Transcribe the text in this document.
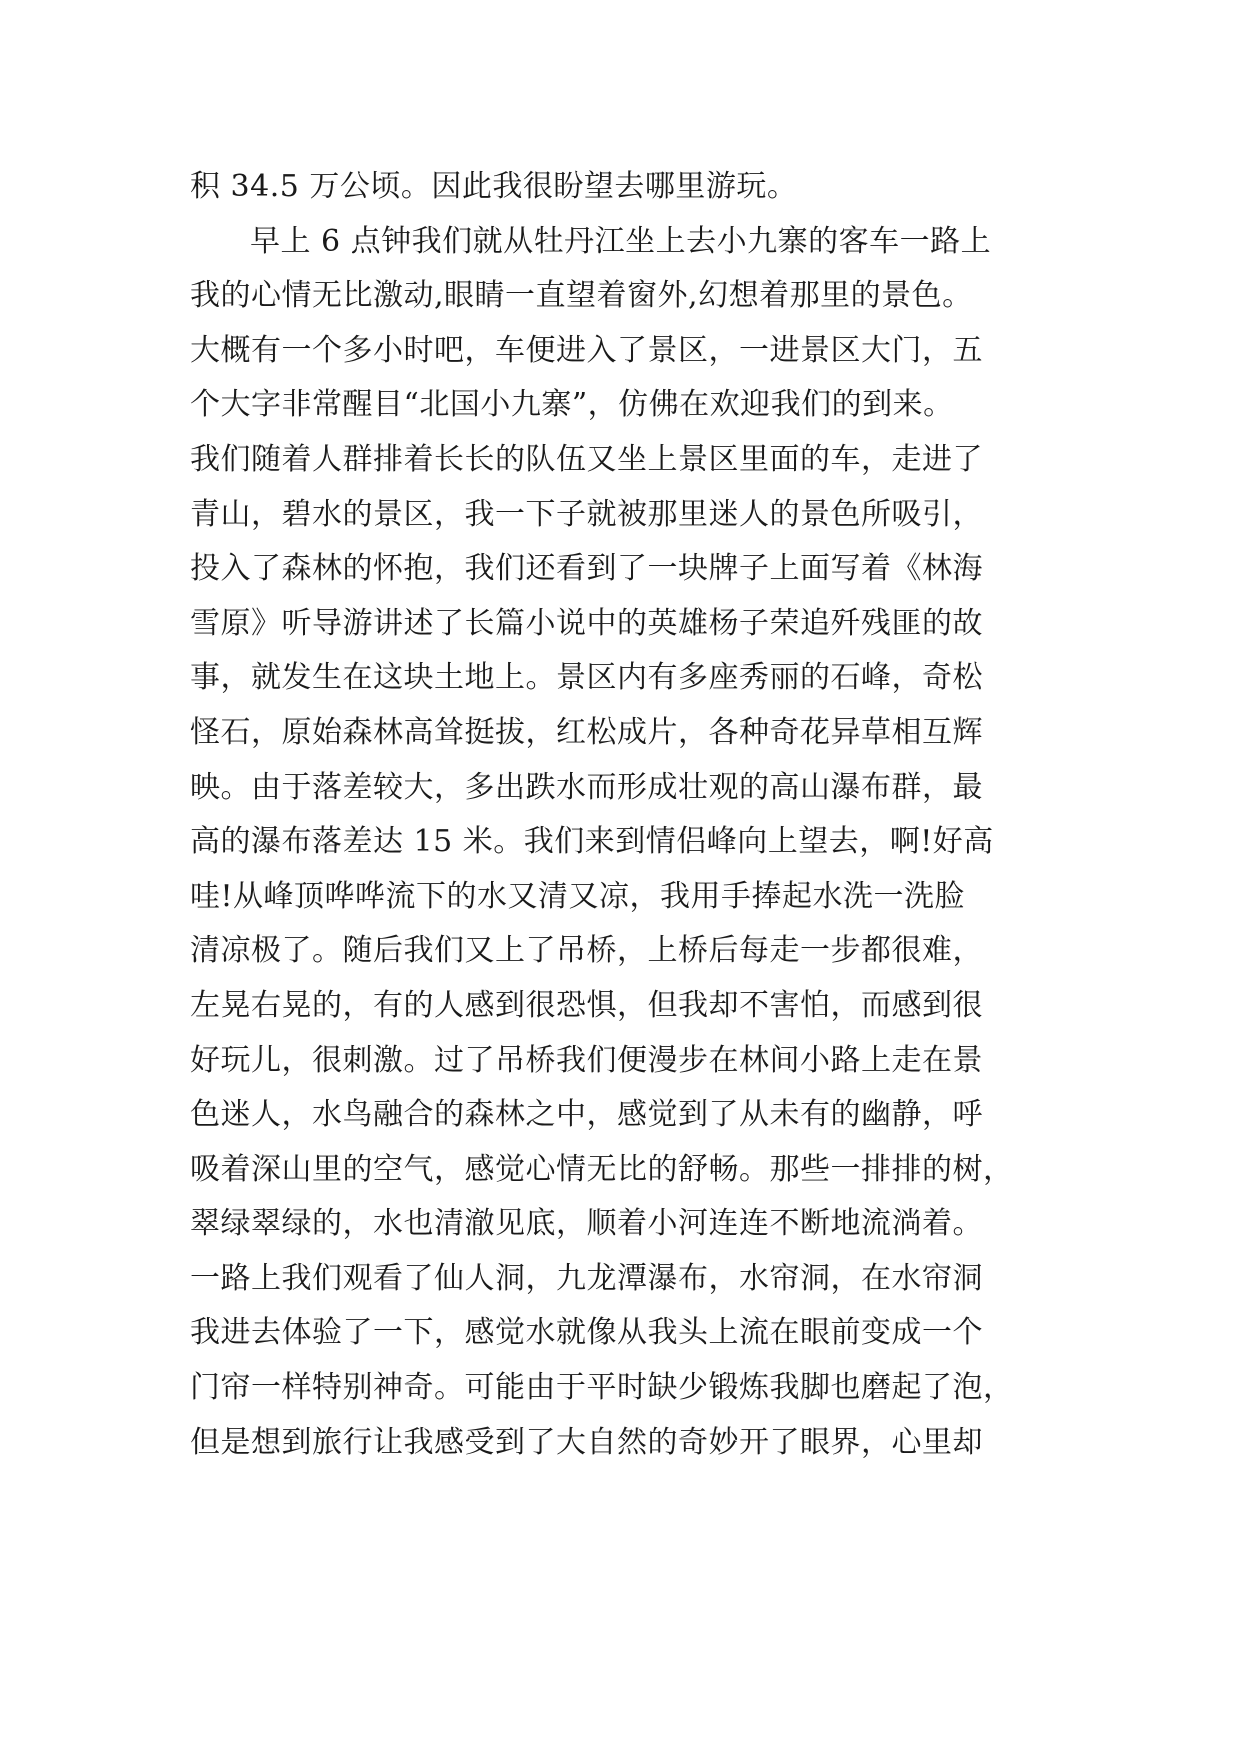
积 34.5 万公顷。因此我很盼望去哪里游玩。
早上 6 点钟我们就从牡丹江坐上去小九寨的客车一路上
我的心情无比激动,眼睛一直望着窗外,幻想着那里的景色。
大概有一个多小时吧，车便进入了景区，一进景区大门，五
个大字非常醒目“北国小九寨”，仿佛在欢迎我们的到来。
我们随着人群排着长长的队伍又坐上景区里面的车，走进了
青山，碧水的景区，我一下子就被那里迷人的景色所吸引，
投入了森林的怀抱，我们还看到了一块牌子上面写着《林海
雪原》听导游讲述了长篇小说中的英雄杨子荣追歼残匪的故
事，就发生在这块土地上。景区内有多座秀丽的石峰，奇松
怪石，原始森林高耸挺拔，红松成片，各种奇花异草相互辉
映。由于落差较大，多出跌水而形成壮观的高山瀑布群，最
高的瀑布落差达 15 米。我们来到情侣峰向上望去，啊!好高
哇!从峰顶哗哗流下的水又清又凉，我用手捧起水洗一洗脸
清凉极了。随后我们又上了吊桥，上桥后每走一步都很难，
左晃右晃的，有的人感到很恐惧，但我却不害怕，而感到很
好玩儿，很刺激。过了吊桥我们便漫步在林间小路上走在景
色迷人，水鸟融合的森林之中，感觉到了从未有的幽静，呼
吸着深山里的空气，感觉心情无比的舒畅。那些一排排的树，
翠绿翠绿的，水也清澈见底，顺着小河连连不断地流淌着。
一路上我们观看了仙人洞，九龙潭瀑布，水帘洞，在水帘洞
我进去体验了一下，感觉水就像从我头上流在眼前变成一个
门帘一样特别神奇。可能由于平时缺少锻炼我脚也磨起了泡，
但是想到旅行让我感受到了大自然的奇妙开了眼界，心里却
